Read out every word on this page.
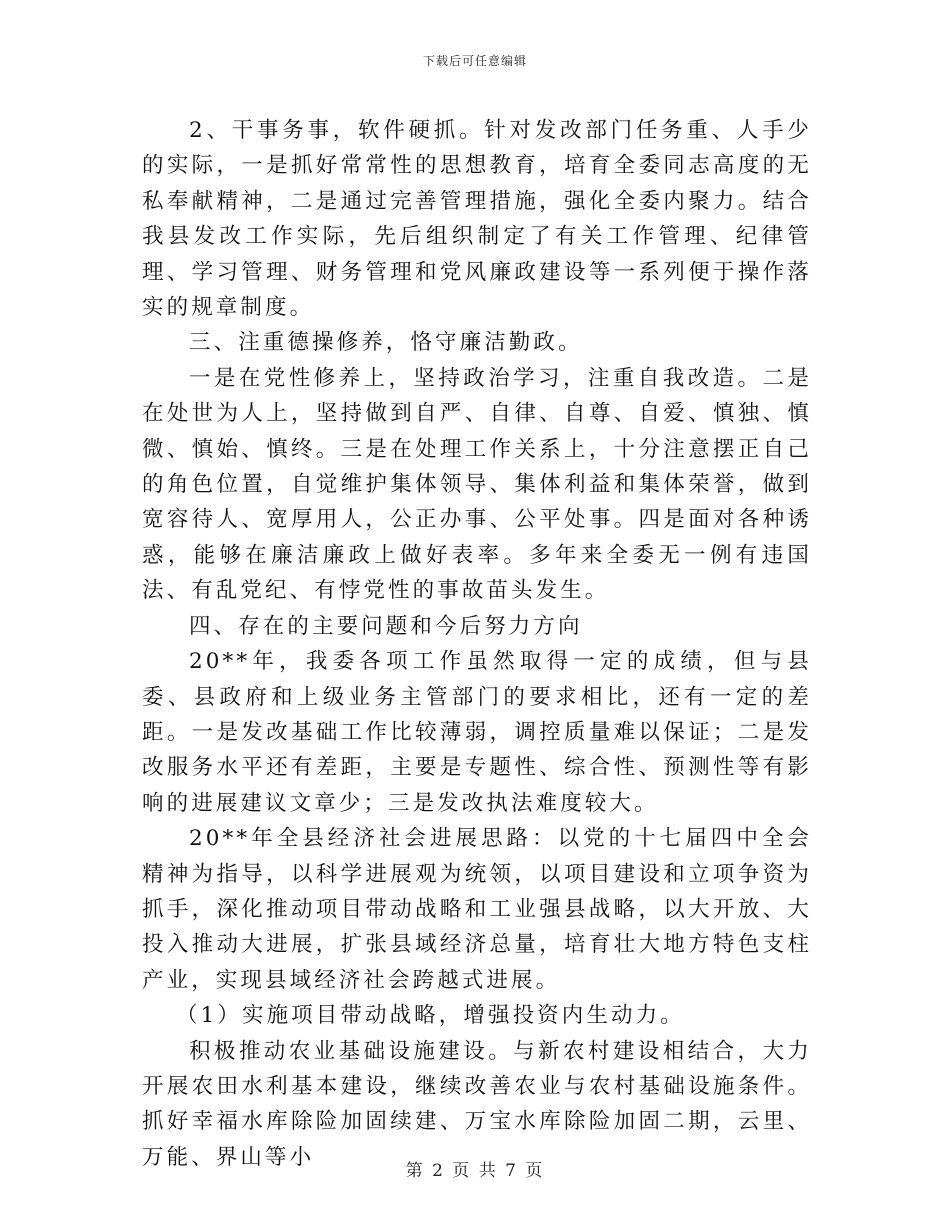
下载后可任意编辑

2、干事务事，软件硬抓。针对发改部门任务重、人手少的实际，一是抓好常常性的思想教育，培育全委同志高度的无私奉献精神，二是通过完善管理措施，强化全委内聚力。结合我县发改工作实际，先后组织制定了有关工作管理、纪律管理、学习管理、财务管理和党风廉政建设等一系列便于操作落实的规章制度。

三、注重德操修养，恪守廉洁勤政。

一是在党性修养上，坚持政治学习，注重自我改造。二是在处世为人上，坚持做到自严、自律、自尊、自爱、慎独、慎微、慎始、慎终。三是在处理工作关系上，十分注意摆正自己的角色位置，自觉维护集体领导、集体利益和集体荣誉，做到宽容待人、宽厚用人，公正办事、公平处事。四是面对各种诱惑，能够在廉洁廉政上做好表率。多年来全委无一例有违国法、有乱党纪、有悖党性的事故苗头发生。

四、存在的主要问题和今后努力方向

20**年，我委各项工作虽然取得一定的成绩，但与县委、县政府和上级业务主管部门的要求相比，还有一定的差距。一是发改基础工作比较薄弱，调控质量难以保证；二是发改服务水平还有差距，主要是专题性、综合性、预测性等有影响的进展建议文章少；三是发改执法难度较大。

20**年全县经济社会进展思路：以党的十七届四中全会精神为指导，以科学进展观为统领，以项目建设和立项争资为抓手，深化推动项目带动战略和工业强县战略，以大开放、大投入推动大进展，扩张县域经济总量，培育壮大地方特色支柱产业，实现县域经济社会跨越式进展。

（1）实施项目带动战略，增强投资内生动力。

积极推动农业基础设施建设。与新农村建设相结合，大力开展农田水利基本建设，继续改善农业与农村基础设施条件。抓好幸福水库除险加固续建、万宝水库除险加固二期，云里、万能、界山等小

第 2 页 共 7 页
